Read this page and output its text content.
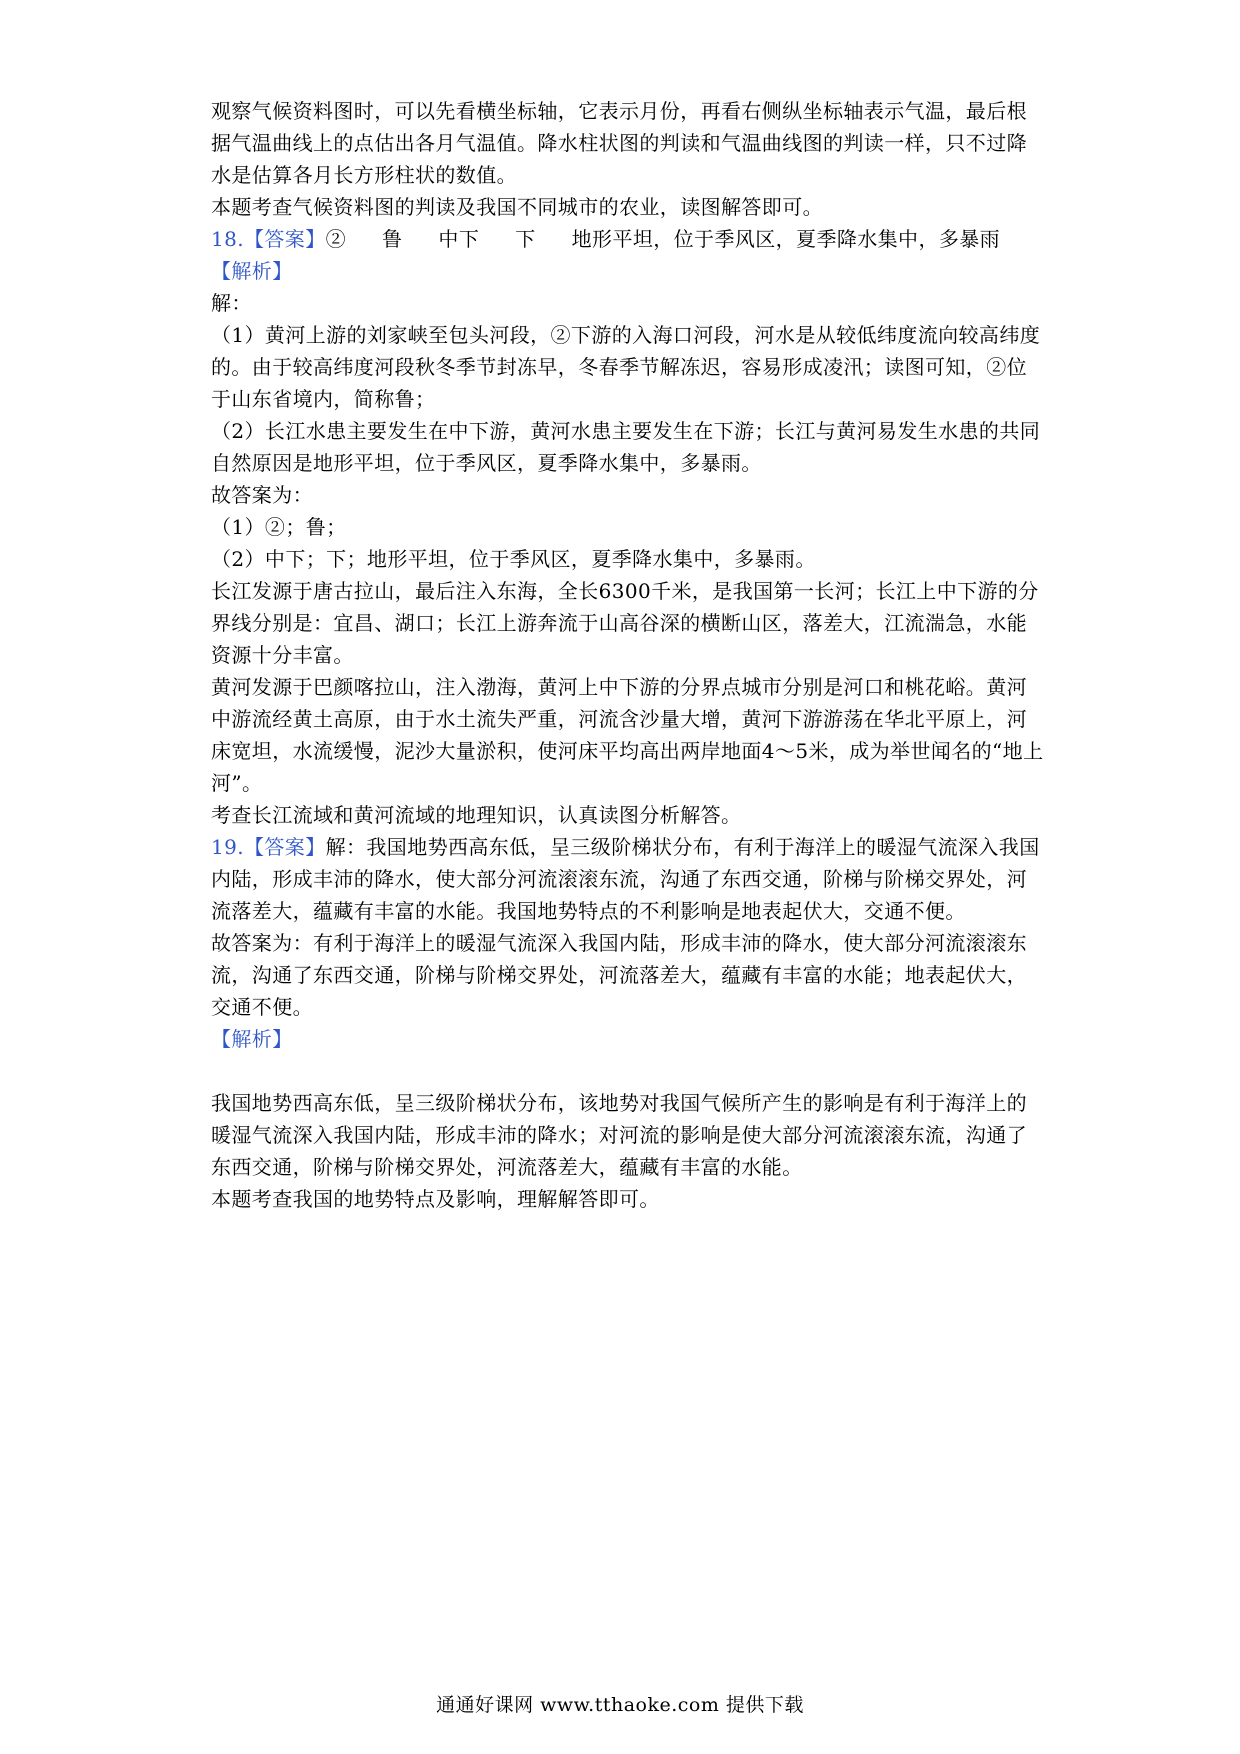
观察气候资料图时，可以先看横坐标轴，它表示月份，再看右侧纵坐标轴表示气温，最后根据气温曲线上的点估出各月气温值。降水柱状图的判读和气温曲线图的判读一样，只不过降水是估算各月长方形柱状的数值。

本题考查气候资料图的判读及我国不同城市的农业，读图解答即可。

18.【答案】② 鲁 中下 下 地形平坦，位于季风区，夏季降水集中，多暴雨

【解析】

解：

（1）黄河上游的刘家峡至包头河段，②下游的入海口河段，河水是从较低纬度流向较高纬度的。由于较高纬度河段秋冬季节封冻早，冬春季节解冻迟，容易形成凌汛；读图可知，②位于山东省境内，简称鲁；

（2）长江水患主要发生在中下游，黄河水患主要发生在下游；长江与黄河易发生水患的共同自然原因是地形平坦，位于季风区，夏季降水集中，多暴雨。

故答案为：

（1）②；鲁；

（2）中下；下；地形平坦，位于季风区，夏季降水集中，多暴雨。

长江发源于唐古拉山，最后注入东海，全长6300千米，是我国第一长河；长江上中下游的分界线分别是：宜昌、湖口；长江上游奔流于山高谷深的横断山区，落差大，江流湍急，水能资源十分丰富。

黄河发源于巴颜喀拉山，注入渤海，黄河上中下游的分界点城市分别是河口和桃花峪。黄河中游流经黄土高原，由于水土流失严重，河流含沙量大增，黄河下游游荡在华北平原上，河床宽坦，水流缓慢，泥沙大量淤积，使河床平均高出两岸地面4～5米，成为举世闻名的“地上河”。

考查长江流域和黄河流域的地理知识，认真读图分析解答。

19.【答案】解：我国地势西高东低，呈三级阶梯状分布，有利于海洋上的暖湿气流深入我国内陆，形成丰沛的降水，使大部分河流滚滚东流，沟通了东西交通，阶梯与阶梯交界处，河流落差大，蕴藏有丰富的水能。我国地势特点的不利影响是地表起伏大，交通不便。

故答案为：有利于海洋上的暖湿气流深入我国内陆，形成丰沛的降水，使大部分河流滚滚东流，沟通了东西交通，阶梯与阶梯交界处，河流落差大，蕴藏有丰富的水能；地表起伏大，交通不便。

【解析】

我国地势西高东低，呈三级阶梯状分布，该地势对我国气候所产生的影响是有利于海洋上的暖湿气流深入我国内陆，形成丰沛的降水；对河流的影响是使大部分河流滚滚东流，沟通了东西交通，阶梯与阶梯交界处，河流落差大，蕴藏有丰富的水能。

本题考查我国的地势特点及影响，理解解答即可。

通通好课网 www.tthaoke.com 提供下载
